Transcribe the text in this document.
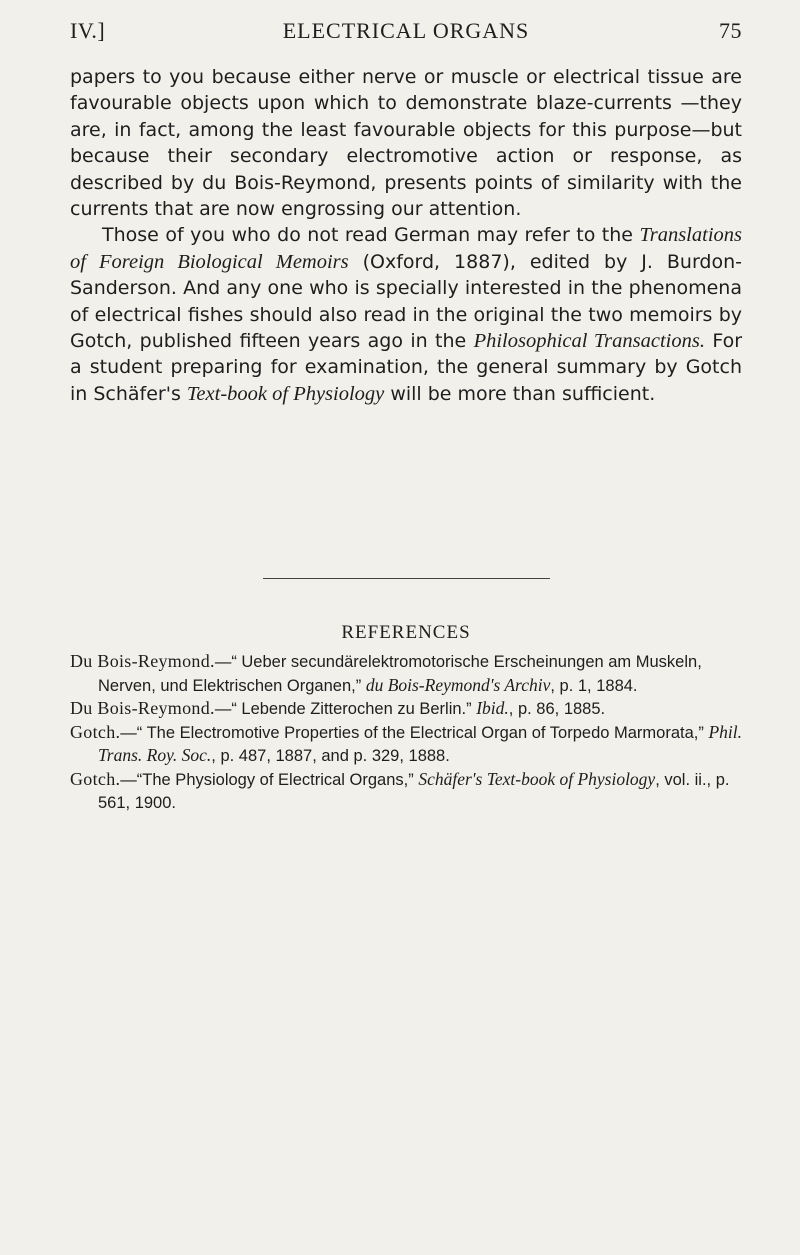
IV.]	ELECTRICAL ORGANS	75

papers to you because either nerve or muscle or electrical tissue are favourable objects upon which to demonstrate blaze-currents —they are, in fact, among the least favourable objects for this purpose—but because their secondary electromotive action or response, as described by du Bois-Reymond, presents points of similarity with the currents that are now engrossing our attention.

Those of you who do not read German may refer to the Translations of Foreign Biological Memoirs (Oxford, 1887), edited by J. Burdon-Sanderson. And any one who is specially interested in the phenomena of electrical fishes should also read in the original the two memoirs by Gotch, published fifteen years ago in the Philosophical Transactions. For a student preparing for examination, the general summary by Gotch in Schäfer's Text-book of Physiology will be more than sufficient.

REFERENCES

Du Bois-Reymond.—“ Ueber secundärelektromotorische Erscheinungen am Muskeln, Nerven, und Elektrischen Organen,” du Bois-Reymond's Archiv, p. 1, 1884.

Du Bois-Reymond.—“ Lebende Zitterochen zu Berlin.” Ibid., p. 86, 1885.

Gotch.—“ The Electromotive Properties of the Electrical Organ of Torpedo Marmorata,” Phil. Trans. Roy. Soc., p. 487, 1887, and p. 329, 1888.

Gotch.—“The Physiology of Electrical Organs,” Schäfer's Text-book of Physiology, vol. ii., p. 561, 1900.
